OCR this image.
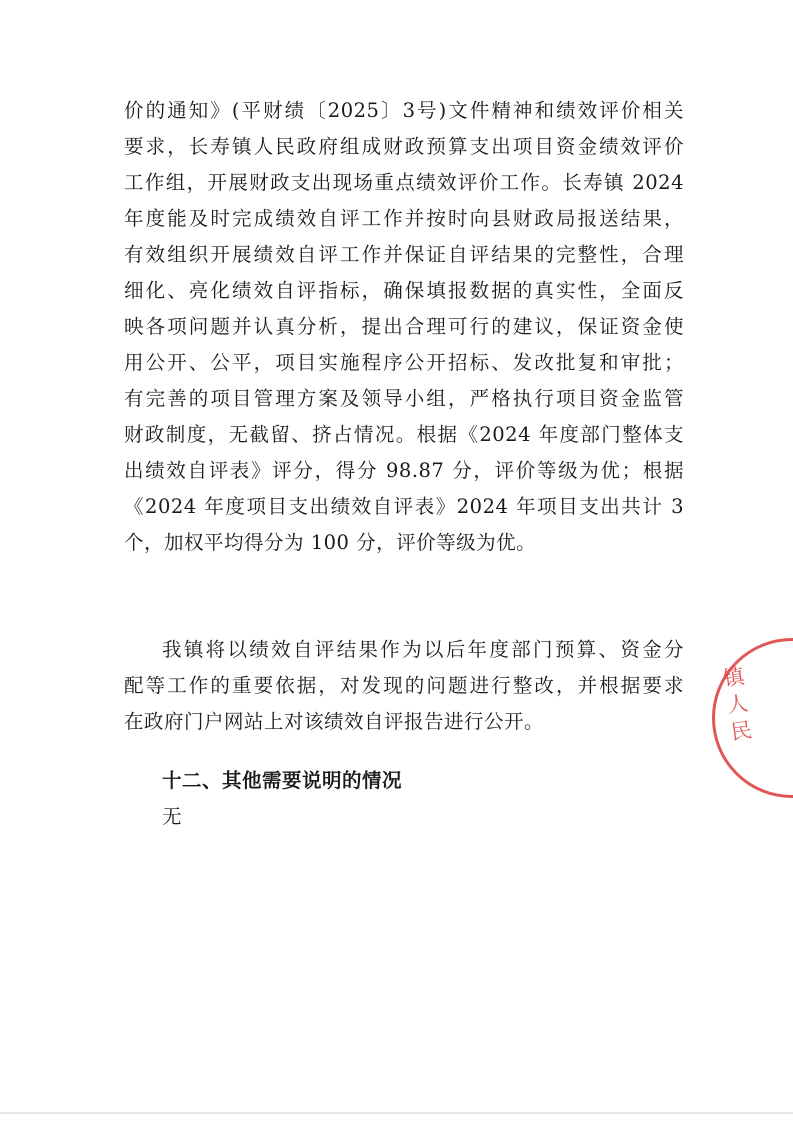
价的通知》(平财绩〔2025〕3号)文件精神和绩效评价相关
要求，长寿镇人民政府组成财政预算支出项目资金绩效评价
工作组，开展财政支出现场重点绩效评价工作。长寿镇 2024
年度能及时完成绩效自评工作并按时向县财政局报送结果，
有效组织开展绩效自评工作并保证自评结果的完整性，合理
细化、亮化绩效自评指标，确保填报数据的真实性，全面反
映各项问题并认真分析，提出合理可行的建议，保证资金使
用公开、公平，项目实施程序公开招标、发改批复和审批；
有完善的项目管理方案及领导小组，严格执行项目资金监管
财政制度，无截留、挤占情况。根据《2024 年度部门整体支
出绩效自评表》评分，得分 98.87 分，评价等级为优；根据
《2024 年度项目支出绩效自评表》2024 年项目支出共计 3
个，加权平均得分为 100 分，评价等级为优。
我镇将以绩效自评结果作为以后年度部门预算、资金分
配等工作的重要依据，对发现的问题进行整改，并根据要求
在政府门户网站上对该绩效自评报告进行公开。
十二、其他需要说明的情况
无
镇人民
